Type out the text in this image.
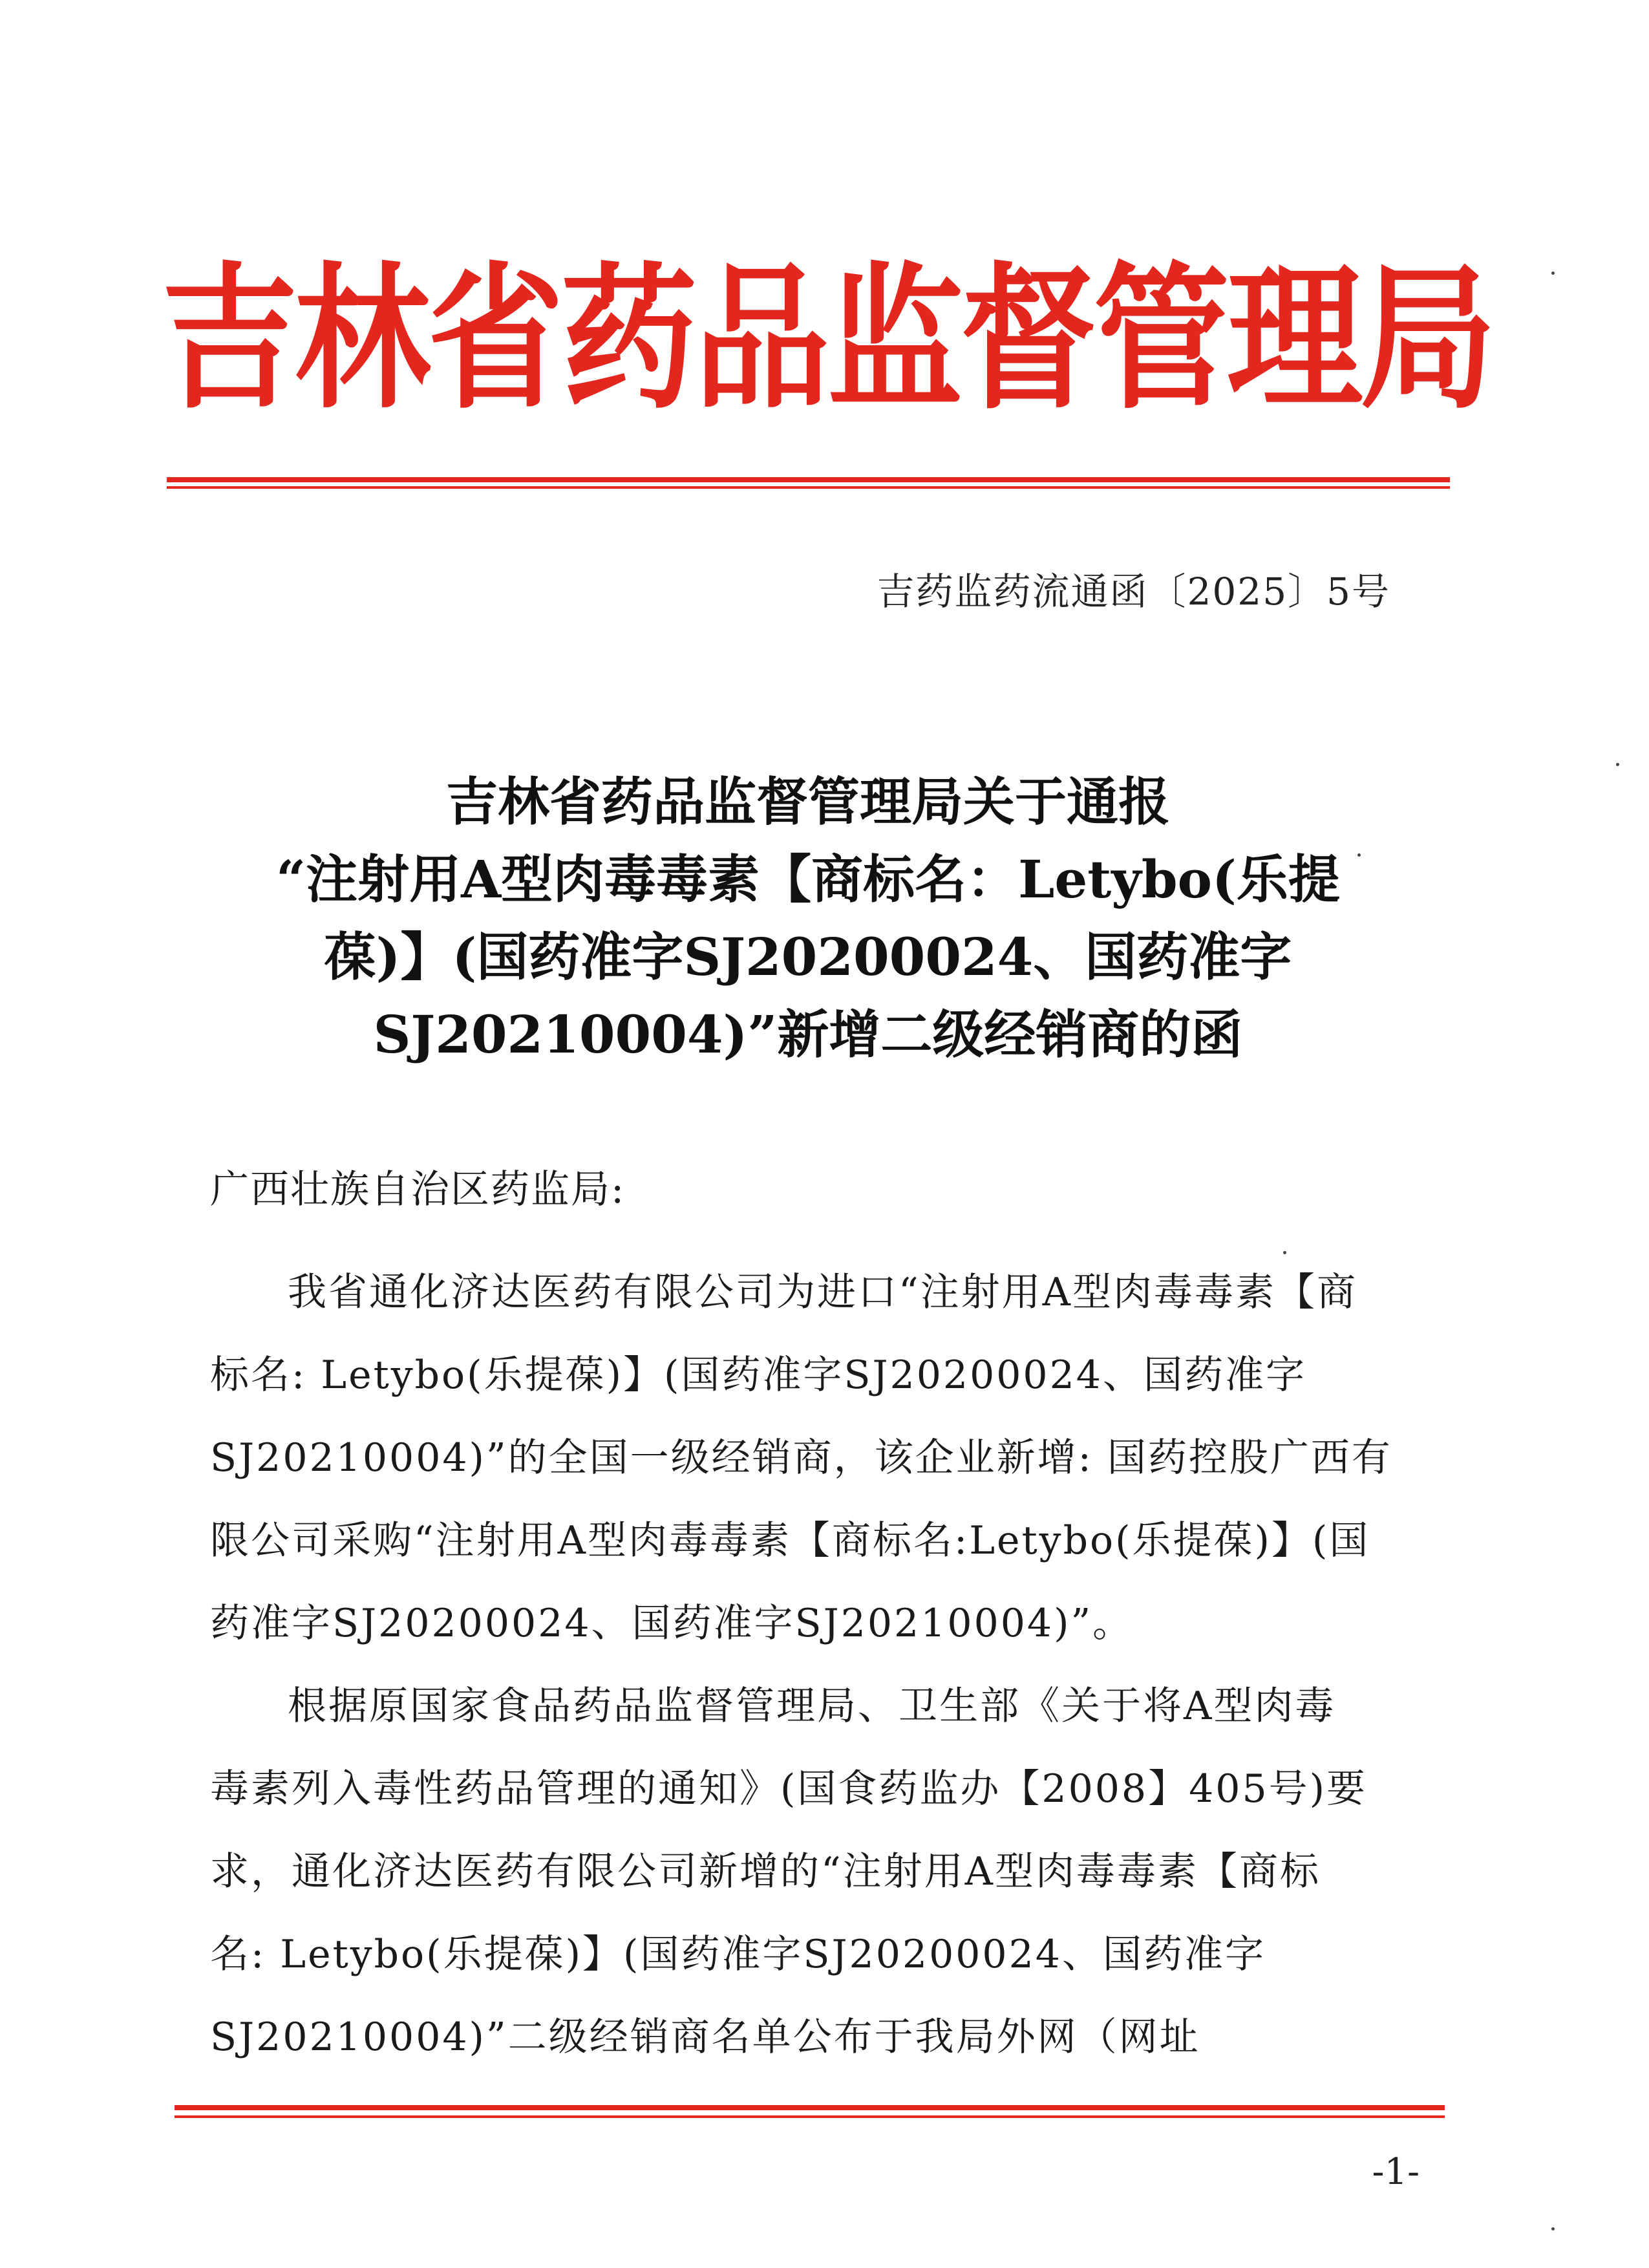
吉林省药品监督管理局
吉药监药流通函〔2025〕5号
吉林省药品监督管理局关于通报
“注射用A型肉毒毒素【商标名：Letybo(乐提
葆)】(国药准字SJ20200024、国药准字
SJ20210004)”新增二级经销商的函
广西壮族自治区药监局:
我省通化济达医药有限公司为进口“注射用A型肉毒毒素【商
标名: Letybo(乐提葆)】(国药准字SJ20200024、国药准字
SJ20210004)”的全国一级经销商，该企业新增: 国药控股广西有
限公司采购“注射用A型肉毒毒素【商标名:Letybo(乐提葆)】(国
药准字SJ20200024、国药准字SJ20210004)”。
根据原国家食品药品监督管理局、卫生部《关于将A型肉毒
毒素列入毒性药品管理的通知》(国食药监办【2008】405号)要
求，通化济达医药有限公司新增的“注射用A型肉毒毒素【商标
名: Letybo(乐提葆)】(国药准字SJ20200024、国药准字
SJ20210004)”二级经销商名单公布于我局外网（网址
-1-
